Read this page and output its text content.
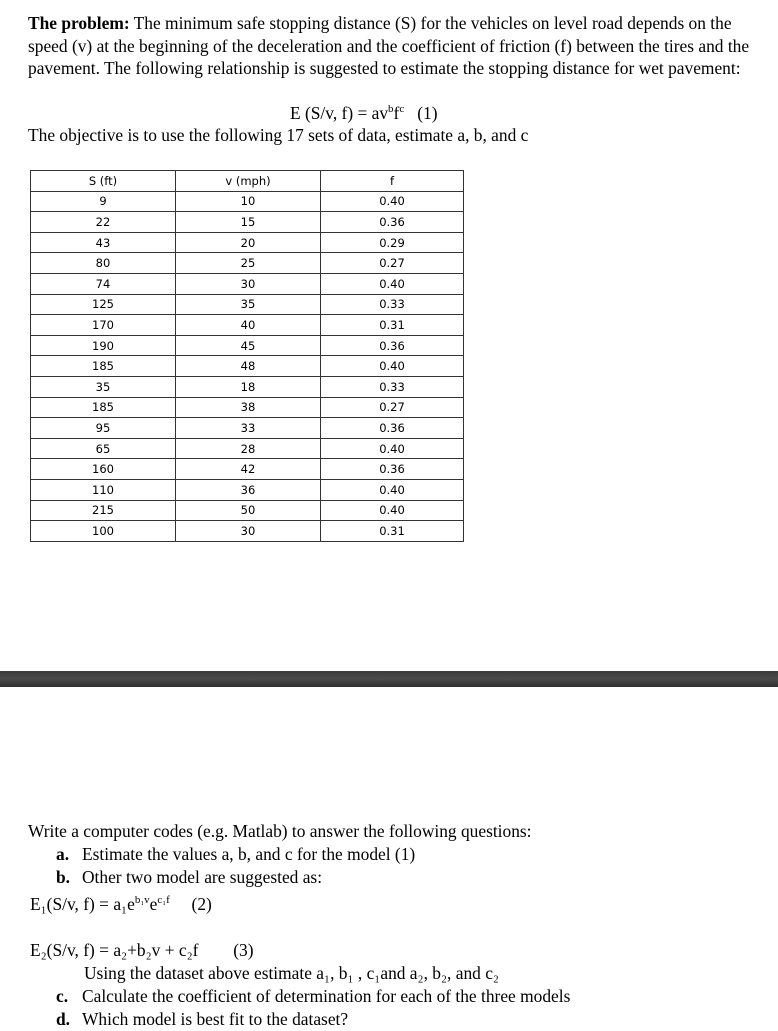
The problem: The minimum safe stopping distance (S) for the vehicles on level road depends on the speed (v) at the beginning of the deceleration and the coefficient of friction (f) between the tires and the pavement. The following relationship is suggested to estimate the stopping distance for wet pavement:
E (S/v, $f) = av^bf^c$ (1)
The objective is to use the following 17 sets of data, estimate a, b, and c
S (ft)	v (mph)	f
9	10	0.40
22	15	0.36
43	20	0.29
80	25	0.27
74	30	0.40
125	35	0.33
170	40	0.31
190	45	0.36
185	48	0.40
35	18	0.33
185	38	0.27
95	33	0.36
65	28	0.40
160	42	0.36
110	36	0.40
215	50	0.40
100	30	0.31
Write a computer codes (e.g. Matlab) to answer the following questions:
a. Estimate the values a, b, and c for the model (1)
b. Other two model are suggested as:
E₁(S/v, $f) = a_1e^{b_1v}e^{c_1f}$ (2)
E₂(S/v, f) = a₂+b₂v + c₂f (3)
Using the dataset above estimate a₁, b₁ , c₁and a₂, b₂, and c₂
c. Calculate the coefficient of determination for each of the three models
d. Which model is best fit to the dataset?
